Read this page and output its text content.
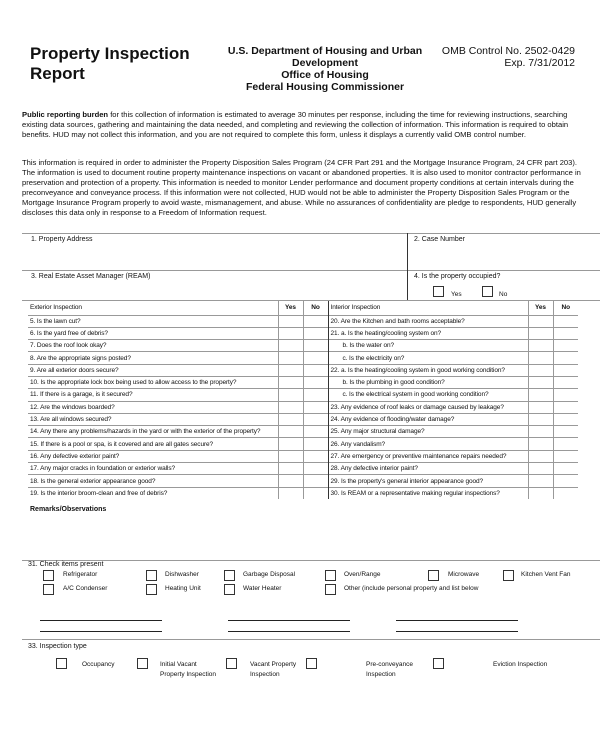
Property Inspection Report
U.S. Department of Housing and Urban Development
Office of Housing
Federal Housing Commissioner
OMB Control No. 2502-0429
Exp. 7/31/2012
Public reporting burden for this collection of information is estimated to average 30 minutes per response, including the time for reviewing instructions, searching existing data sources, gathering and maintaining the data needed, and completing and reviewing the collection of information. This information is required to obtain benefits. HUD may not collect this information, and you are not required to complete this form, unless it displays a currently valid OMB control number.
This information is required in order to administer the Property Disposition Sales Program (24 CFR Part 291 and the Mortgage Insurance Program, 24 CFR part 203). The information is used to document routine property maintenance inspections on vacant or abandoned properties. It is also used to monitor contractor performance in preservation and protection of a property. This information is needed to monitor Lender performance and document property conditions at certain intervals during the preconveyance and conveyance process. If this information were not collected, HUD would not be able to administer the Property Disposition Sales Program or the Mortgage Insurance Program properly to avoid waste, mismanagement, and abuse. While no assurances of confidentiality are pledge to respondents, HUD generally discloses this data only in response to a Freedom of Information request.
1. Property Address	2. Case Number
3. Real Estate Asset Manager (REAM)	4. Is the property occupied?
Yes	No
Exterior Inspection	Yes	No	Interior Inspection	Yes	No
5. Is the lawn cut?			20. Are the Kitchen and bath rooms acceptable?		
6. Is the yard free of debris?			21. a. Is the heating/cooling system on?		
7. Does the roof look okay?			b. Is the water on?		
8. Are the appropriate signs posted?			c. Is the electricity on?		
9. Are all exterior doors secure?			22. a. Is the heating/cooling system in good working condition?		
10. Is the appropriate lock box being used to allow access to the property?			b. Is the plumbing in good condition?		
11. If there is a garage, is it secured?			c. Is the electrical system in good working condition?		
12. Are the windows boarded?			23. Any evidence of roof leaks or damage caused by leakage?		
13. Are all windows secured?			24. Any evidence of flooding/water damage?		
14. Any there any problems/hazards in the yard or with the exterior of the property?			25. Any major structural damage?		
15. If there is a pool or spa, is it covered and are all gates secure?			26. Any vandalism?		
16. Any defective exterior paint?			27. Are emergency or preventive maintenance repairs needed?		
17. Any major cracks in foundation or exterior walls?			28. Any defective interior paint?		
18. Is the general exterior appearance good?			29. Is the property's general interior appearance good?		
19. Is the interior broom-clean and free of debris?			30. Is REAM or a representative making regular inspections?		
Remarks/Observations
31. Check items present
Refrigerator	Dishwasher	Garbage Disposal	Oven/Range	Microwave	Kitchen Vent Fan
A/C Condenser	Heating Unit	Water Heater	Other (include personal property and list below
33. Inspection type
Occupancy	Initial Vacant Property Inspection
Vacant Property Inspection
Pre-conveyance Inspection
Eviction Inspection
